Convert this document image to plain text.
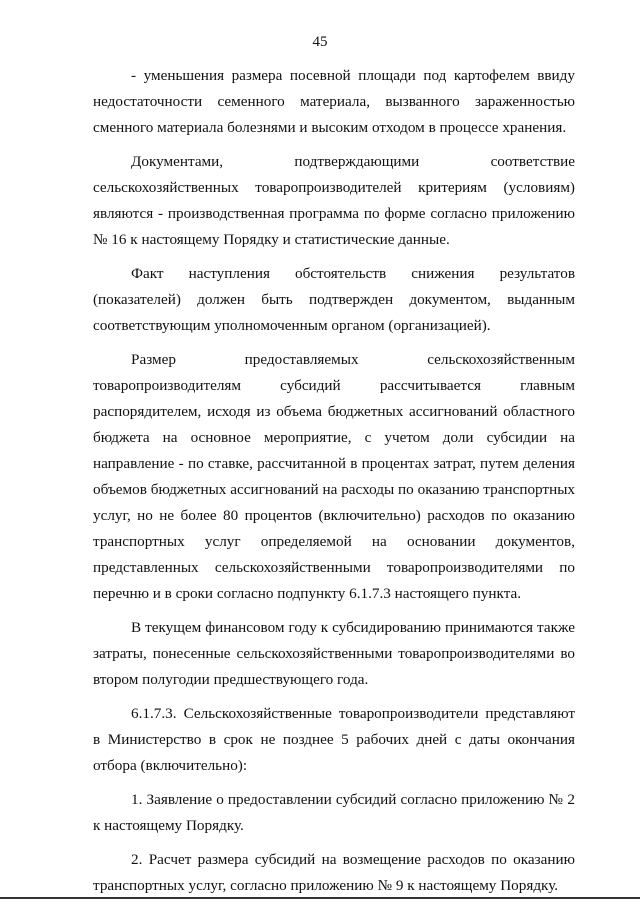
45

- уменьшения размера посевной площади под картофелем ввиду недостаточности семенного материала, вызванного зараженностью сменного материала болезнями и высоким отходом в процессе хранения.

Документами, подтверждающими соответствие сельскохозяйственных товаропроизводителей критериям (условиям) являются - производственная программа по форме согласно приложению № 16 к настоящему Порядку и статистические данные.

Факт наступления обстоятельств снижения результатов (показателей) должен быть подтвержден документом, выданным соответствующим уполномоченным органом (организацией).

Размер предоставляемых сельскохозяйственным товаропроизводителям субсидий рассчитывается главным распорядителем, исходя из объема бюджетных ассигнований областного бюджета на основное мероприятие, с учетом доли субсидии на направление - по ставке, рассчитанной в процентах затрат, путем деления объемов бюджетных ассигнований на расходы по оказанию транспортных услуг, но не более 80 процентов (включительно) расходов по оказанию транспортных услуг определяемой на основании документов, представленных сельскохозяйственными товаропроизводителями по перечню и в сроки согласно подпункту 6.1.7.3 настоящего пункта.

В текущем финансовом году к субсидированию принимаются также затраты, понесенные сельскохозяйственными товаропроизводителями во втором полугодии предшествующего года.

6.1.7.3. Сельскохозяйственные товаропроизводители представляют в Министерство в срок не позднее 5 рабочих дней с даты окончания отбора (включительно):

1. Заявление о предоставлении субсидий согласно приложению № 2 к настоящему Порядку.

2. Расчет размера субсидий на возмещение расходов по оказанию транспортных услуг, согласно приложению № 9 к настоящему Порядку.
